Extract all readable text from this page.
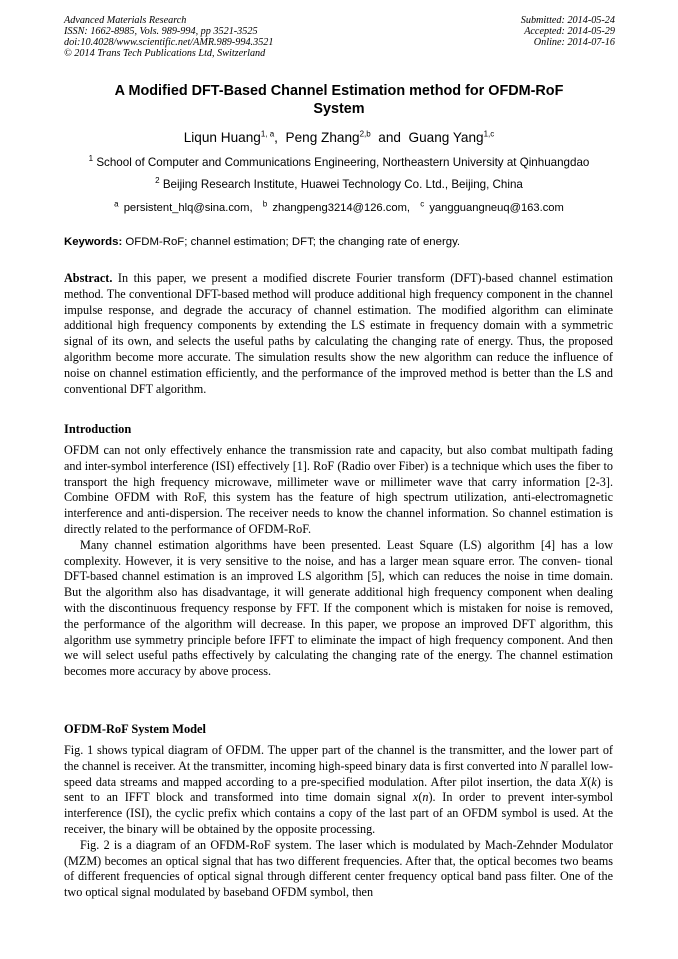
Advanced Materials Research
ISSN: 1662-8985, Vols. 989-994, pp 3521-3525
doi:10.4028/www.scientific.net/AMR.989-994.3521
© 2014 Trans Tech Publications Ltd, Switzerland
Submitted: 2014-05-24
Accepted: 2014-05-29
Online: 2014-07-16
A Modified DFT-Based Channel Estimation method for OFDM-RoF
System
Liqun Huang$^{1, a}$,  Peng Zhang$^{2,b}$  and  Guang Yang$^{1,c}$
$^1$ School of Computer and Communications Engineering, Northeastern University at Qinhuangdao
$^2$ Beijing Research Institute, Huawei Technology Co. Ltd., Beijing, China
$^a$ persistent_hlq@sina.com, $^b$ zhangpeng3214@126.com, $^c$ yangguangneuq@163.com
Keywords: OFDM-RoF; channel estimation; DFT; the changing rate of energy.

Abstract. In this paper, we present a modified discrete Fourier transform (DFT)-based channel estimation method. The conventional DFT-based method will produce additional high frequency component in the channel impulse response, and degrade the accuracy of channel estimation. The modified algorithm can eliminate additional high frequency components by extending the LS estimate in frequency domain with a symmetric signal of its own, and selects the useful paths by calculating the changing rate of energy. Thus, the proposed algorithm become more accurate. The simulation results show the new algorithm can reduce the influence of noise on channel estimation efficiently, and the performance of the improved method is better than the LS and conventional DFT algorithm.

Introduction

OFDM can not only effectively enhance the transmission rate and capacity, but also combat multipath fading and inter-symbol interference (ISI) effectively [1]. RoF (Radio over Fiber) is a technique which uses the fiber to transport the high frequency microwave, millimeter wave or millimeter wave that carry information [2-3]. Combine OFDM with RoF, this system has the feature of high spectrum utilization, anti-electromagnetic interference and anti-dispersion. The receiver needs to know the channel information. So channel estimation is directly related to the performance of OFDM-RoF.

Many channel estimation algorithms have been presented. Least Square (LS) algorithm [4] has a low complexity. However, it is very sensitive to the noise, and has a larger mean square error. The conven- tional DFT-based channel estimation is an improved LS algorithm [5], which can reduces the noise in time domain. But the algorithm also has disadvantage, it will generate additional high frequency component when dealing with the discontinuous frequency response by FFT. If the component which is mistaken for noise is removed, the performance of the algorithm will decrease. In this paper, we propose an improved DFT algorithm, this algorithm use symmetry principle before IFFT to eliminate the impact of high frequency component. And then we will select useful paths effectively by calculating the changing rate of the energy. The channel estimation becomes more accuracy by above process.

OFDM-RoF System Model

Fig. 1 shows typical diagram of OFDM. The upper part of the channel is the transmitter, and the lower part of the channel is receiver. At the transmitter, incoming high-speed binary data is first converted into N parallel low-speed data streams and mapped according to a pre-specified modulation. After pilot insertion, the data X(k) is sent to an IFFT block and transformed into time domain signal x(n). In order to prevent inter-symbol interference (ISI), the cyclic prefix which contains a copy of the last part of an OFDM symbol is used. At the receiver, the binary will be obtained by the opposite processing.

Fig. 2 is a diagram of an OFDM-RoF system. The laser which is modulated by Mach-Zehnder Modulator (MZM) becomes an optical signal that has two different frequencies. After that, the optical becomes two beams of different frequencies of optical signal through different center frequency optical band pass filter. One of the two optical signal modulated by baseband OFDM symbol, then
